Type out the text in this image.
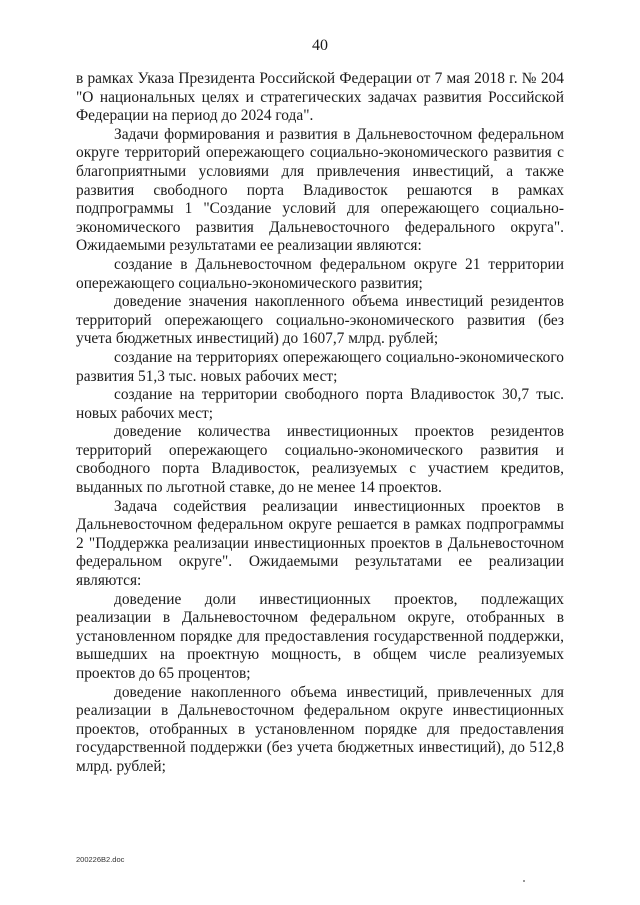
40

в рамках Указа Президента Российской Федерации от 7 мая 2018 г. № 204 "О национальных целях и стратегических задачах развития Российской Федерации на период до 2024 года".

Задачи формирования и развития в Дальневосточном федеральном округе территорий опережающего социально-экономического развития с благоприятными условиями для привлечения инвестиций, а также развития свободного порта Владивосток решаются в рамках подпрограммы 1 "Создание условий для опережающего социально-экономического развития Дальневосточного федерального округа". Ожидаемыми результатами ее реализации являются:

создание в Дальневосточном федеральном округе 21 территории опережающего социально-экономического развития;

доведение значения накопленного объема инвестиций резидентов территорий опережающего социально-экономического развития (без учета бюджетных инвестиций) до 1607,7 млрд. рублей;

создание на территориях опережающего социально-экономического развития 51,3 тыс. новых рабочих мест;

создание на территории свободного порта Владивосток 30,7 тыс. новых рабочих мест;

доведение количества инвестиционных проектов резидентов территорий опережающего социально-экономического развития и свободного порта Владивосток, реализуемых с участием кредитов, выданных по льготной ставке, до не менее 14 проектов.

Задача содействия реализации инвестиционных проектов в Дальневосточном федеральном округе решается в рамках подпрограммы 2 "Поддержка реализации инвестиционных проектов в Дальневосточном федеральном округе". Ожидаемыми результатами ее реализации являются:

доведение доли инвестиционных проектов, подлежащих реализации в Дальневосточном федеральном округе, отобранных в установленном порядке для предоставления государственной поддержки, вышедших на проектную мощность, в общем числе реализуемых проектов до 65 процентов;

доведение накопленного объема инвестиций, привлеченных для реализации в Дальневосточном федеральном округе инвестиционных проектов, отобранных в установленном порядке для предоставления государственной поддержки (без учета бюджетных инвестиций), до 512,8 млрд. рублей;

200226B2.doc
